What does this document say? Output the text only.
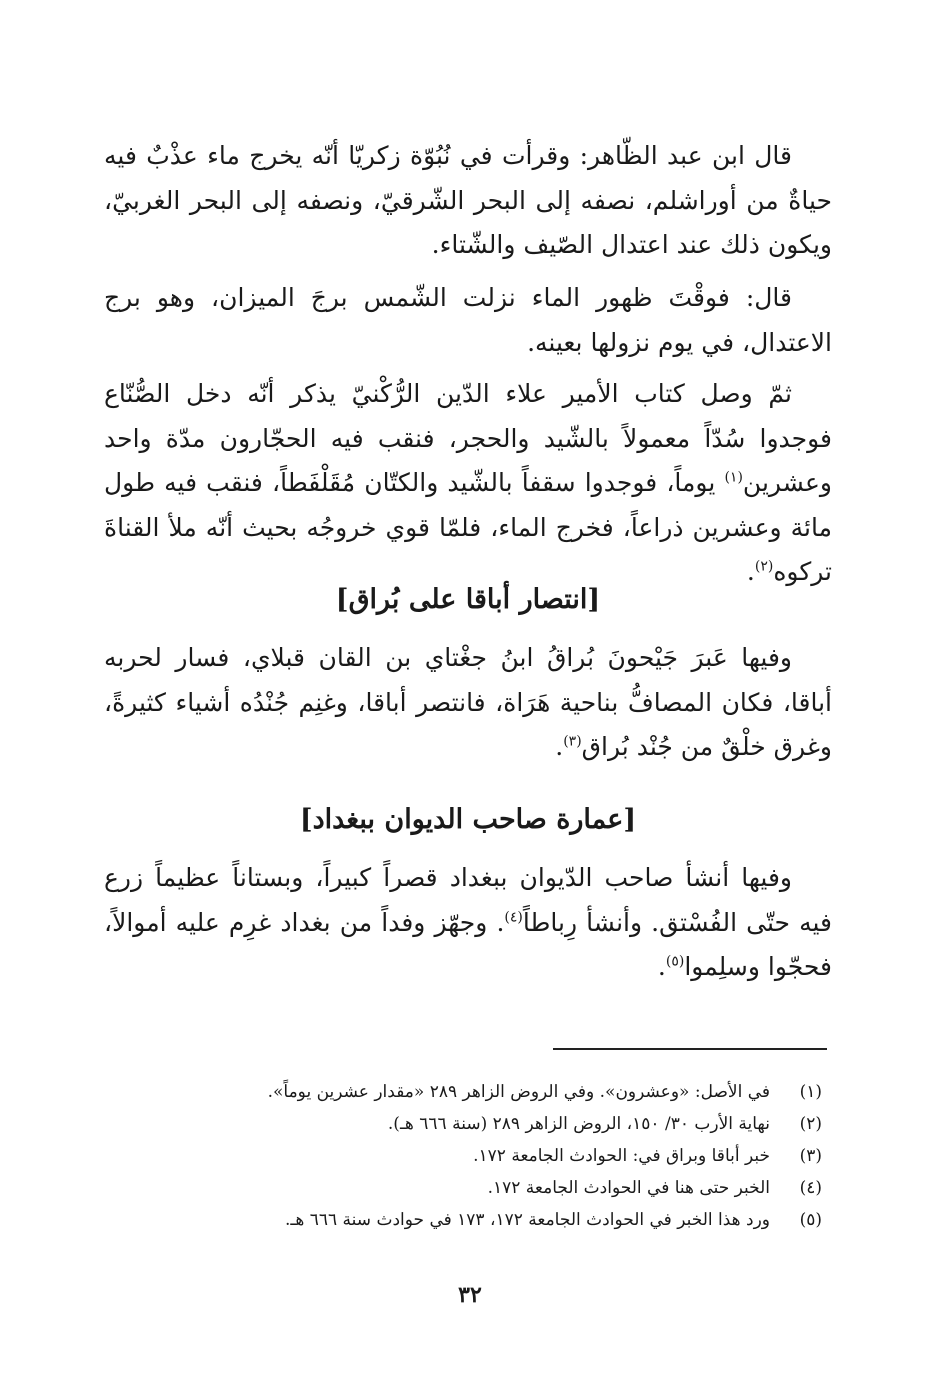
قال ابن عبد الظّاهر: وقرأت في نُبُوّة زكريّا أنّه يخرج ماء عذْبٌ فيه حياةٌ من أوراشلم، نصفه إلى البحر الشّرقيّ، ونصفه إلى البحر الغربيّ، ويكون ذلك عند اعتدال الصّيف والشّتاء.

قال: فوقْتَ ظهور الماء نزلت الشّمس برجَ الميزان، وهو برج الاعتدال، في يوم نزولها بعينه.

ثمّ وصل كتاب الأمير علاء الدّين الرُّكْنيّ يذكر أنّه دخل الصُّنّاع فوجدوا سُدّاً معمولاً بالشّيد والحجر، فنقب فيه الحجّارون مدّة واحد وعشرين$^{(١)}$ يوماً، فوجدوا سقفاً بالشّيد والكتّان مُقَلْفَطاً، فنقب فيه طول مائة وعشرين ذراعاً، فخرج الماء، فلمّا قوي خروجُه بحيث أنّه ملأ القناةَ تركوه$^{(٢)}$.

[انتصار أباقا على بُراق]

وفيها عَبرَ جَيْحونَ بُراقُ ابنُ جغْتاي بن القان قبلاي، فسار لحربه أباقا، فكان المصافُّ بناحية هَرَاة، فانتصر أباقا، وغنِم جُنْدُه أشياء كثيرةً، وغرق خلْقٌ من جُنْد بُراق$^{(٣)}$.

[عمارة صاحب الديوان ببغداد]

وفيها أنشأ صاحب الدّيوان ببغداد قصراً كبيراً، وبستاناً عظيماً زرع فيه حتّى الفُسْتق. وأنشأ رِباطاً$^{(٤)}$. وجهّز وفداً من بغداد غرِم عليه أموالاً، فحجّوا وسلِموا$^{(٥)}$.

(١)
في الأصل: «وعشرون». وفي الروض الزاهر ٢٨٩ «مقدار عشرين يوماً».
(٢)
نهاية الأرب ٣٠/ ١٥٠، الروض الزاهر ٢٨٩ (سنة ٦٦٦ هـ).
(٣)
خبر أباقا وبراق في: الحوادث الجامعة ١٧٢.
(٤)
الخبر حتى هنا في الحوادث الجامعة ١٧٢.
(٥)
ورد هذا الخبر في الحوادث الجامعة ١٧٢، ١٧٣ في حوادث سنة ٦٦٦ هـ.
٣٢
